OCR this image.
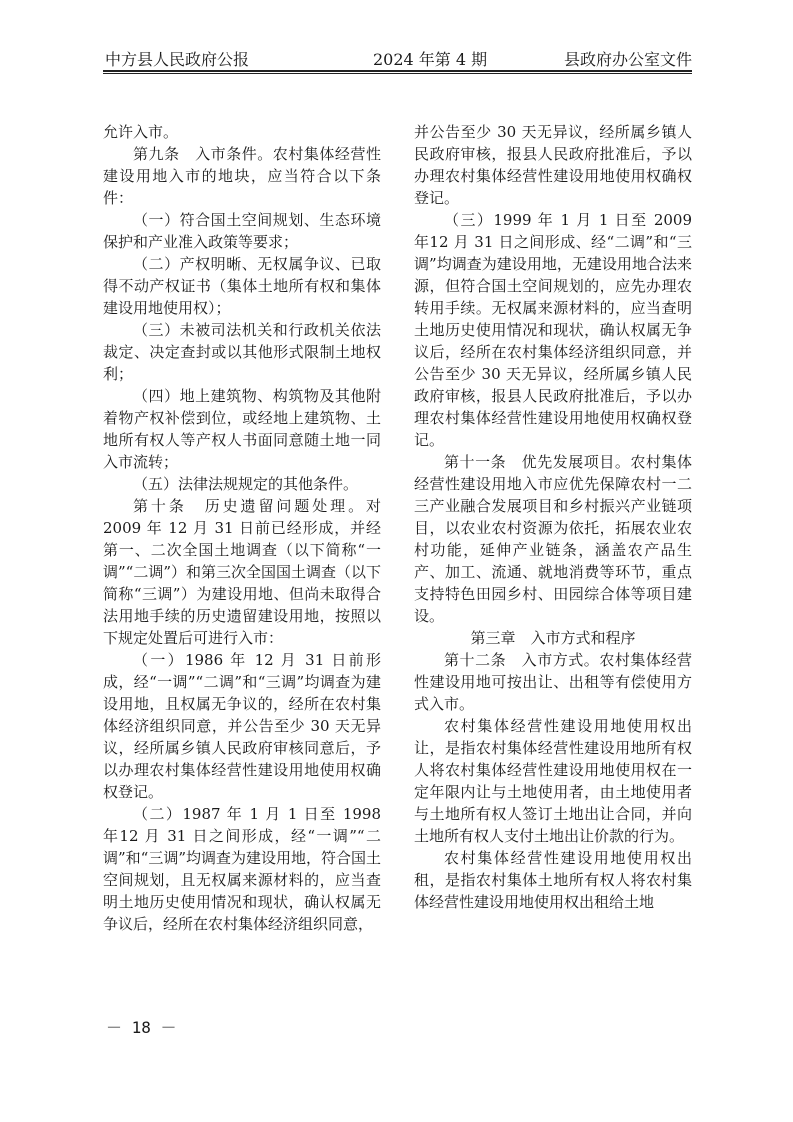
中方县人民政府公报	2024 年第 4 期	县政府办公室文件

允许入市。

第九条　入市条件。农村集体经营性建设用地入市的地块，应当符合以下条件：

（一）符合国土空间规划、生态环境保护和产业准入政策等要求；

（二）产权明晰、无权属争议、已取得不动产权证书（集体土地所有权和集体建设用地使用权）；

（三）未被司法机关和行政机关依法裁定、决定查封或以其他形式限制土地权利；

（四）地上建筑物、构筑物及其他附着物产权补偿到位，或经地上建筑物、土地所有权人等产权人书面同意随土地一同入市流转；

（五）法律法规规定的其他条件。

第十条　历史遗留问题处理。对2009 年 12 月 31 日前已经形成，并经第一、二次全国土地调查（以下简称“一调”“二调”）和第三次全国国土调查（以下简称“三调”）为建设用地、但尚未取得合法用地手续的历史遗留建设用地，按照以下规定处置后可进行入市：

（一）1986 年 12 月 31 日前形成，经“一调”“二调”和“三调”均调查为建设用地，且权属无争议的，经所在农村集体经济组织同意，并公告至少 30 天无异议，经所属乡镇人民政府审核同意后，予以办理农村集体经营性建设用地使用权确权登记。

（二）1987 年 1 月 1 日至 1998 年12 月 31 日之间形成，经“一调”“二调”和“三调”均调查为建设用地，符合国土空间规划，且无权属来源材料的，应当查明土地历史使用情况和现状，确认权属无争议后，经所在农村集体经济组织同意，

并公告至少 30 天无异议，经所属乡镇人民政府审核，报县人民政府批准后，予以办理农村集体经营性建设用地使用权确权登记。

（三）1999 年 1 月 1 日至 2009 年12 月 31 日之间形成、经“二调”和“三调”均调查为建设用地，无建设用地合法来源，但符合国土空间规划的，应先办理农转用手续。无权属来源材料的，应当查明土地历史使用情况和现状，确认权属无争议后，经所在农村集体经济组织同意，并公告至少 30 天无异议，经所属乡镇人民政府审核，报县人民政府批准后，予以办理农村集体经营性建设用地使用权确权登记。

第十一条　优先发展项目。农村集体经营性建设用地入市应优先保障农村一二三产业融合发展项目和乡村振兴产业链项目，以农业农村资源为依托，拓展农业农村功能，延伸产业链条，涵盖农产品生产、加工、流通、就地消费等环节，重点支持特色田园乡村、田园综合体等项目建设。

第三章　入市方式和程序

第十二条　入市方式。农村集体经营性建设用地可按出让、出租等有偿使用方式入市。

农村集体经营性建设用地使用权出让，是指农村集体经营性建设用地所有权人将农村集体经营性建设用地使用权在一定年限内让与土地使用者，由土地使用者与土地所有权人签订土地出让合同，并向土地所有权人支付土地出让价款的行为。

农村集体经营性建设用地使用权出租，是指农村集体土地所有权人将农村集体经营性建设用地使用权出租给土地

－ 18 －
